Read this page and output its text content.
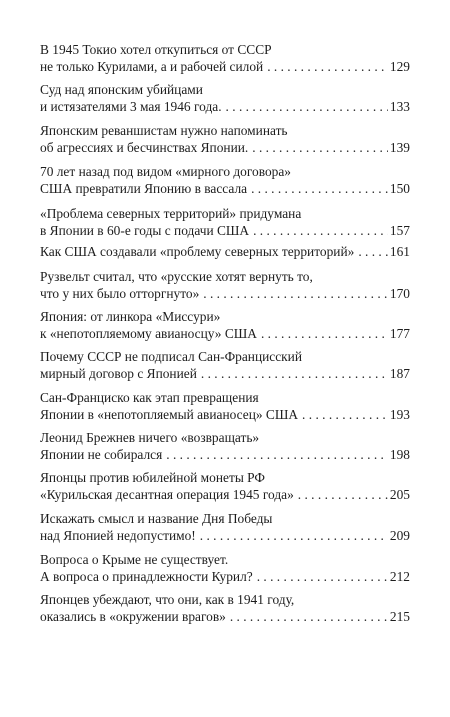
В 1945 Токио хотел откупиться от СССР
не только Курилами, а и рабочей силой . . .	129
Суд над японским убийцами
и истязателями 3 мая 1946 года. . . .	133
Японским реваншистам нужно напоминать
об агрессиях и бесчинствах Японии. . . .	139
70 лет назад под видом «мирного договора»
США превратили Японию в вассала . . .	150
«Проблема северных территорий» придумана
в Японии в 60-е годы с подачи США . . .	157
Как США создавали «проблему северных территорий» . . .	161
Рузвельт считал, что «русские хотят вернуть то,
что у них было отторгнуто» . . .	170
Япония: от линкора «Миссури»
к «непотопляемому авианосцу» США . . .	177
Почему СССР не подписал Сан-Францисский
мирный договор с Японией . . .	187
Сан-Франциско как этап превращения
Японии в «непотопляемый авианосец» США . . .	193
Леонид Брежнев ничего «возвращать»
Японии не собирался . . .	198
Японцы против юбилейной монеты РФ
«Курильская десантная операция 1945 года» . . .	205
Искажать смысл и название Дня Победы
над Японией недопустимо! . . .	209
Вопроса о Крыме не существует.
А вопроса о принадлежности Курил? . . .	212
Японцев убеждают, что они, как в 1941 году,
оказались в «окружении врагов» . . .	215
